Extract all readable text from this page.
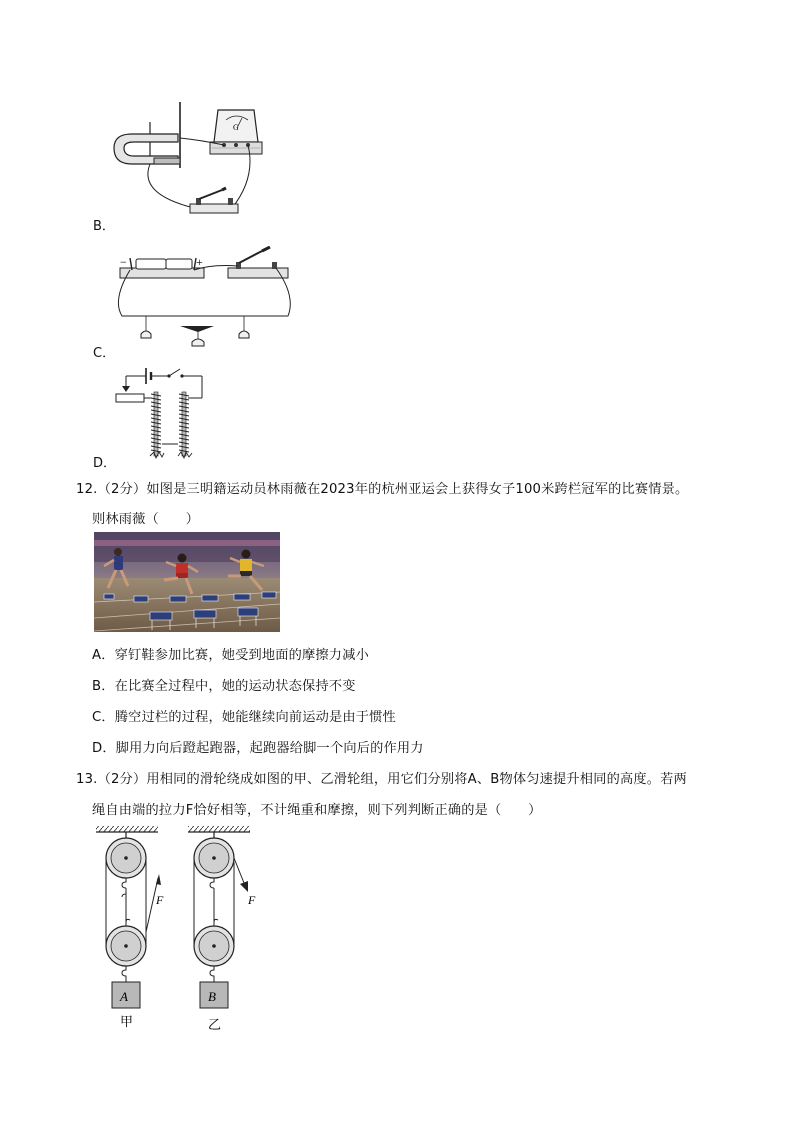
G
B．
−	+
C．
D．
12.（2分）如图是三明籍运动员林雨薇在2023年的杭州亚运会上获得女子100米跨栏冠军的比赛情景。
则林雨薇（　　）
A．穿钉鞋参加比赛，她受到地面的摩擦力减小
B．在比赛全过程中，她的运动状态保持不变
C．腾空过栏的过程，她能继续向前运动是由于惯性
D．脚用力向后蹬起跑器，起跑器给脚一个向后的作用力
13.（2分）用相同的滑轮绕成如图的甲、乙滑轮组，用它们分别将A、B物体匀速提升相同的高度。若两
绳自由端的拉力F恰好相等，不计绳重和摩擦，则下列判断正确的是（　　）
A
F
B
F
甲	乙
